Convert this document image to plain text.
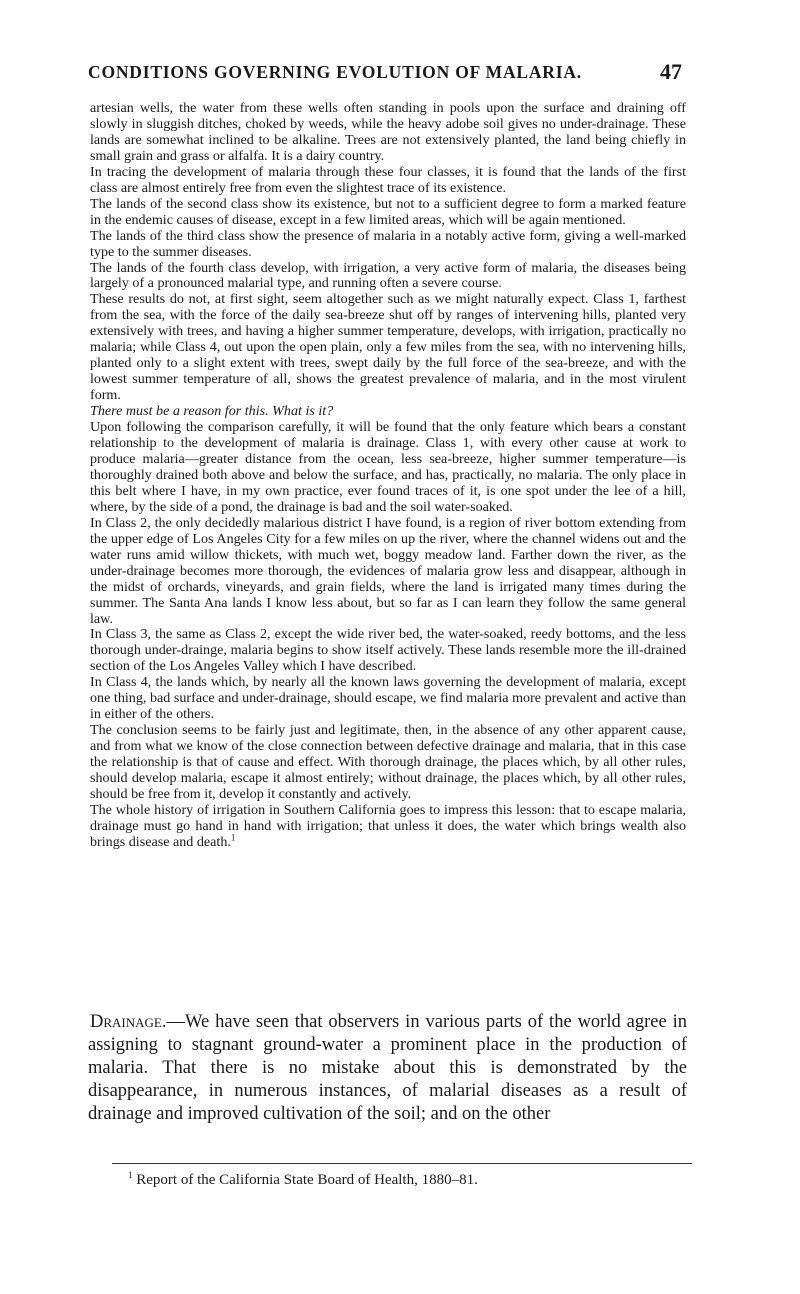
CONDITIONS GOVERNING EVOLUTION OF MALARIA.	47

artesian wells, the water from these wells often standing in pools upon the surface and draining off slowly in sluggish ditches, choked by weeds, while the heavy adobe soil gives no under-drainage. These lands are somewhat inclined to be alkaline. Trees are not extensively planted, the land being chiefly in small grain and grass or alfalfa. It is a dairy country.

In tracing the development of malaria through these four classes, it is found that the lands of the first class are almost entirely free from even the slightest trace of its existence.

The lands of the second class show its existence, but not to a sufficient degree to form a marked feature in the endemic causes of disease, except in a few limited areas, which will be again mentioned.

The lands of the third class show the presence of malaria in a notably active form, giving a well-marked type to the summer diseases.

The lands of the fourth class develop, with irrigation, a very active form of malaria, the diseases being largely of a pronounced malarial type, and running often a severe course.

These results do not, at first sight, seem altogether such as we might naturally expect. Class 1, farthest from the sea, with the force of the daily sea-breeze shut off by ranges of intervening hills, planted very extensively with trees, and having a higher summer temperature, develops, with irrigation, practically no malaria; while Class 4, out upon the open plain, only a few miles from the sea, with no intervening hills, planted only to a slight extent with trees, swept daily by the full force of the sea-breeze, and with the lowest summer temperature of all, shows the greatest prevalence of malaria, and in the most virulent form.

There must be a reason for this. What is it?

Upon following the comparison carefully, it will be found that the only feature which bears a constant relationship to the development of malaria is drainage. Class 1, with every other cause at work to produce malaria—greater distance from the ocean, less sea-breeze, higher summer temperature—is thoroughly drained both above and below the surface, and has, practically, no malaria. The only place in this belt where I have, in my own practice, ever found traces of it, is one spot under the lee of a hill, where, by the side of a pond, the drainage is bad and the soil water-soaked.

In Class 2, the only decidedly malarious district I have found, is a region of river bottom extending from the upper edge of Los Angeles City for a few miles on up the river, where the channel widens out and the water runs amid willow thickets, with much wet, boggy meadow land. Farther down the river, as the under-drainage becomes more thorough, the evidences of malaria grow less and disappear, although in the midst of orchards, vineyards, and grain fields, where the land is irrigated many times during the summer. The Santa Ana lands I know less about, but so far as I can learn they follow the same general law.

In Class 3, the same as Class 2, except the wide river bed, the water-soaked, reedy bottoms, and the less thorough under-drainge, malaria begins to show itself actively. These lands resemble more the ill-drained section of the Los Angeles Valley which I have described.

In Class 4, the lands which, by nearly all the known laws governing the development of malaria, except one thing, bad surface and under-drainage, should escape, we find malaria more prevalent and active than in either of the others.

The conclusion seems to be fairly just and legitimate, then, in the absence of any other apparent cause, and from what we know of the close connection between defective drainage and malaria, that in this case the relationship is that of cause and effect. With thorough drainage, the places which, by all other rules, should develop malaria, escape it almost entirely; without drainage, the places which, by all other rules, should be free from it, develop it constantly and actively.

The whole history of irrigation in Southern California goes to impress this lesson: that to escape malaria, drainage must go hand in hand with irrigation; that unless it does, the water which brings wealth also brings disease and death.$^1$

Drainage.—We have seen that observers in various parts of the world agree in assigning to stagnant ground-water a prominent place in the production of malaria. That there is no mistake about this is demonstrated by the disappearance, in numerous instances, of malarial diseases as a result of drainage and improved cultivation of the soil; and on the other

$^1$ Report of the California State Board of Health, 1880–81.
